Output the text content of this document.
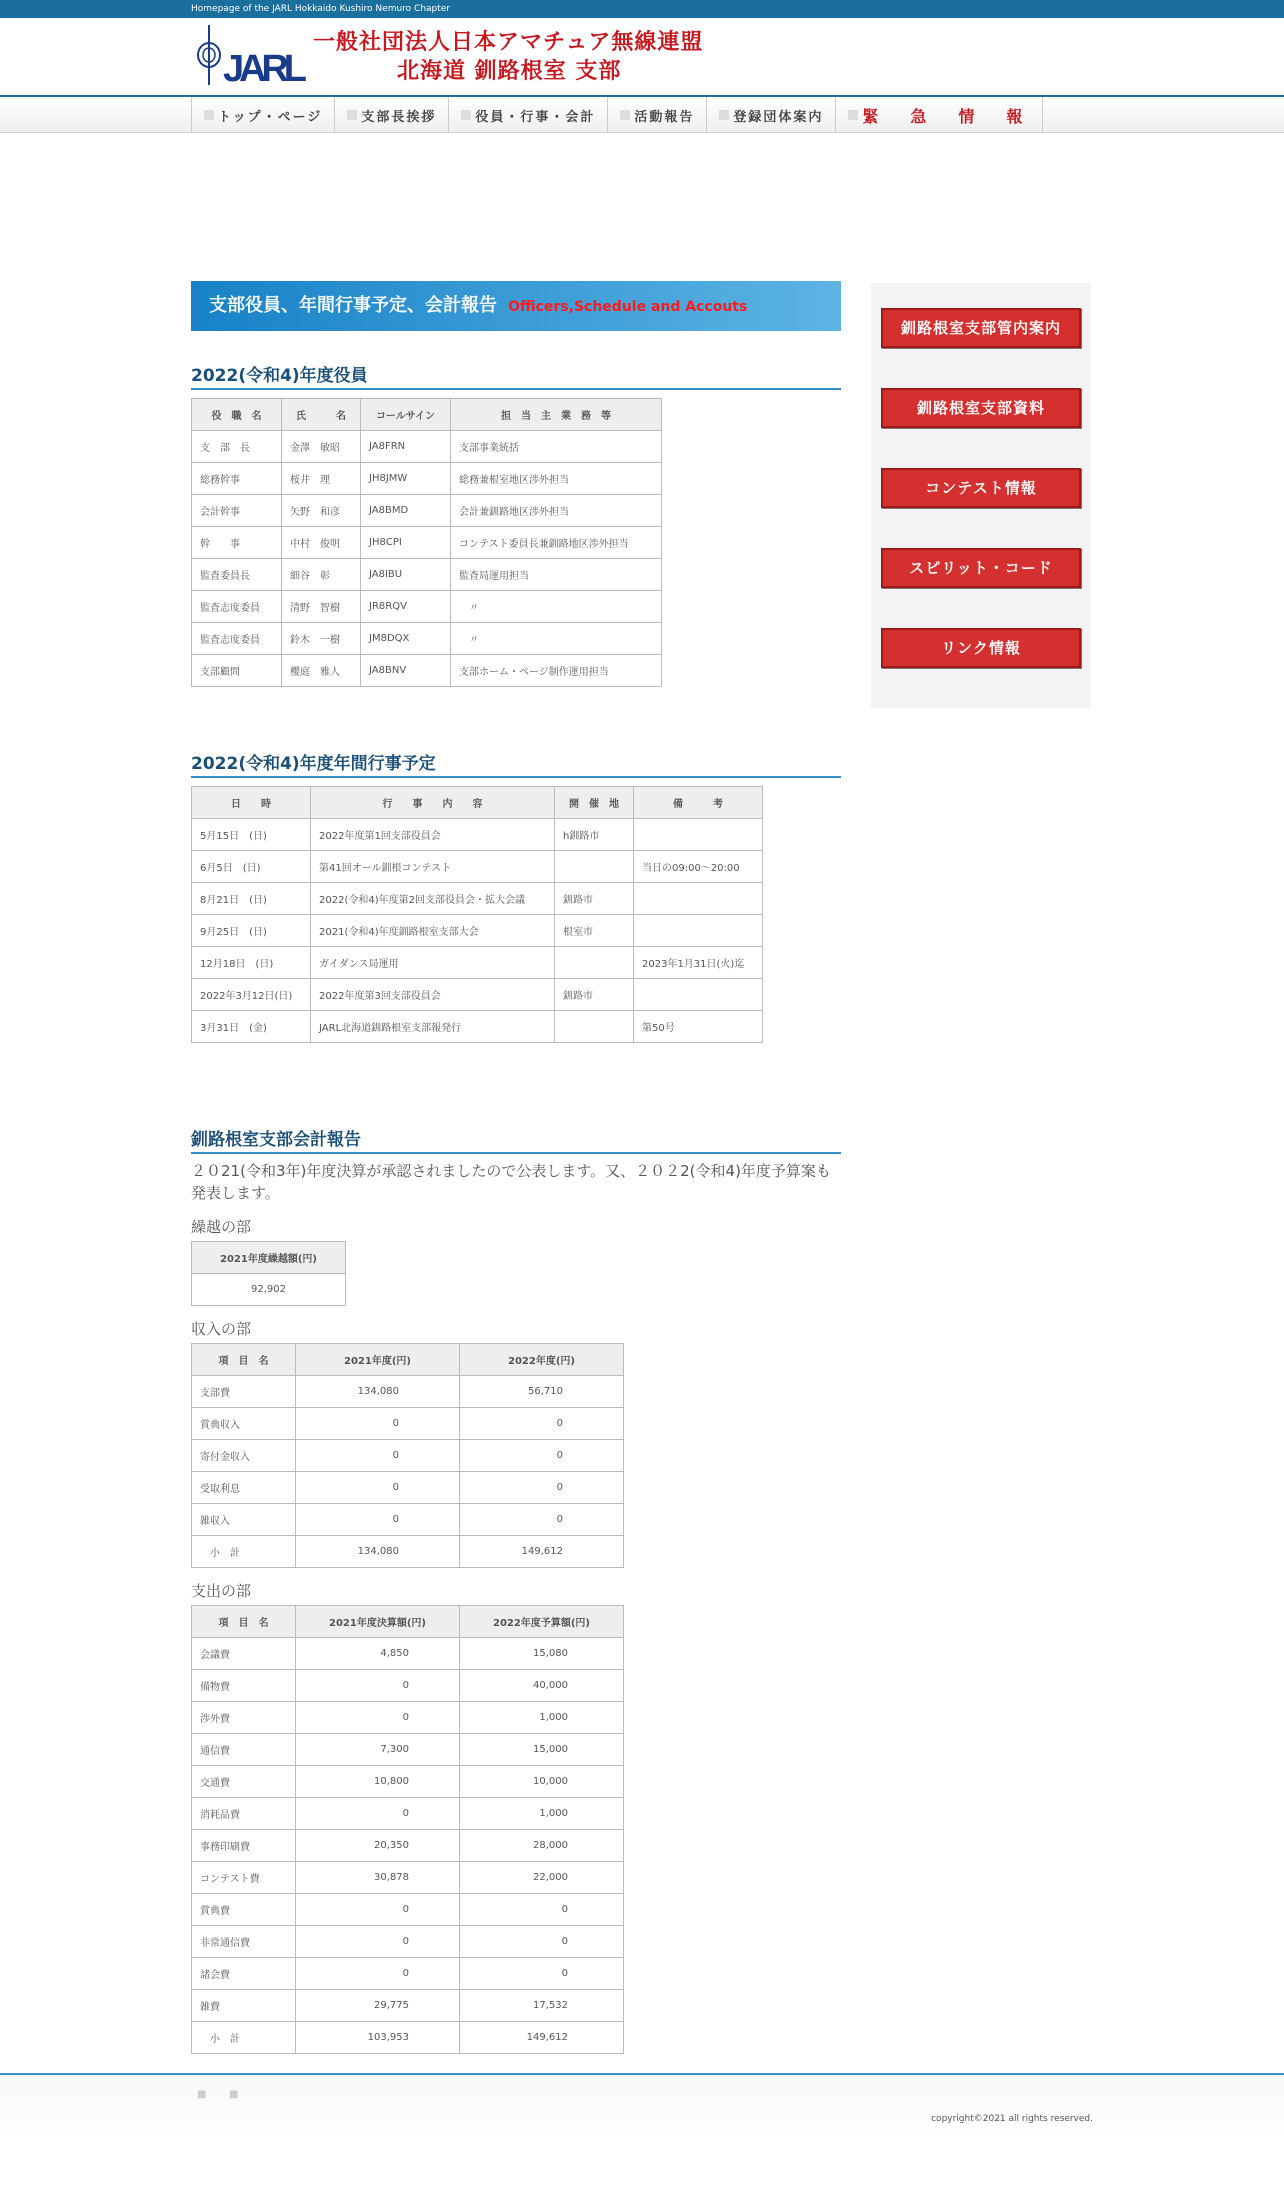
Homepage of the JARL Hokkaido Kushiro Nemuro Chapter
JARL
一般社団法人日本アマチュア無線連盟
北海道 釧路根室 支部
トップ・ページ	支部長挨拶	役員・行事・会計	活動報告	登録団体案内 緊　急　情　報
支部役員、年間行事予定、会計報告 Officers,Schedule and Accouts
2022(令和4)年度役員
役　職　名	氏　　　名	コールサイン	担　当　主　業　務　等
支　部　長	金澤　敏昭	JA8FRN	支部事業統括
総務幹事	桜井　理	JH8JMW	総務兼根室地区渉外担当
会計幹事	矢野　和彦	JA8BMD	会計兼釧路地区渉外担当
幹　　事	中村　俊明	JH8CPI	コンテスト委員長兼釧路地区渉外担当
監査委員長	細谷　彰	JA8IBU	監査局運用担当
監査志度委員	清野　智樹	JR8RQV	　〃
監査志度委員	鈴木　一樹	JM8DQX	　〃
支部顧問	櫻庭　雅人	JA8BNV	支部ホーム・ページ制作運用担当
2022(令和4)年度年間行事予定
日　　時	行　　事　　内　　容	開　催　地	備　　　考
5月15日　(日)	2022年度第1回支部役員会	h釧路市	
6月5日　(日)	第41回オール釧根コンテスト		当日の09:00～20:00
8月21日　(日)	2022(令和4)年度第2回支部役員会・拡大会議	釧路市	
9月25日　(日)	2021(令和4)年度釧路根室支部大会	根室市	
12月18日　(日)	ガイダンス局運用		2023年1月31日(火)迄
2022年3月12日(日)	2022年度第3回支部役員会	釧路市	
3月31日　(金)	JARL北海道釧路根室支部報発行		第50号
釧路根室支部会計報告

２０21(令和3年)年度決算が承認されましたので公表します。又、２０２2(令和4)年度予算案も発表します。

繰越の部
2021年度繰越額(円)
92,902
収入の部
項　目　名	2021年度(円)	2022年度(円)
支部費	134,080	56,710
賞典収入	0	0
寄付金収入	0	0
受取利息	0	0
雑収入	0	0
　小　計	134,080	149,612
支出の部
項　目　名	2021年度決算額(円)	2022年度予算額(円)
会議費	4,850	15,080
備物費	0	40,000
渉外費	0	1,000
通信費	7,300	15,000
交通費	10,800	10,000
消耗品費	0	1,000
事務印刷費	20,350	28,000
コンテスト費	30,878	22,000
賞典費	0	0
非常通信費	0	0
諸会費	0	0
雑費	29,775	17,532
　小　計	103,953	149,612
釧路根室支部管内案内
釧路根室支部資料
コンテスト情報
スピリット・コード
リンク情報
■ ■
copyright©2021 all rights reserved.
